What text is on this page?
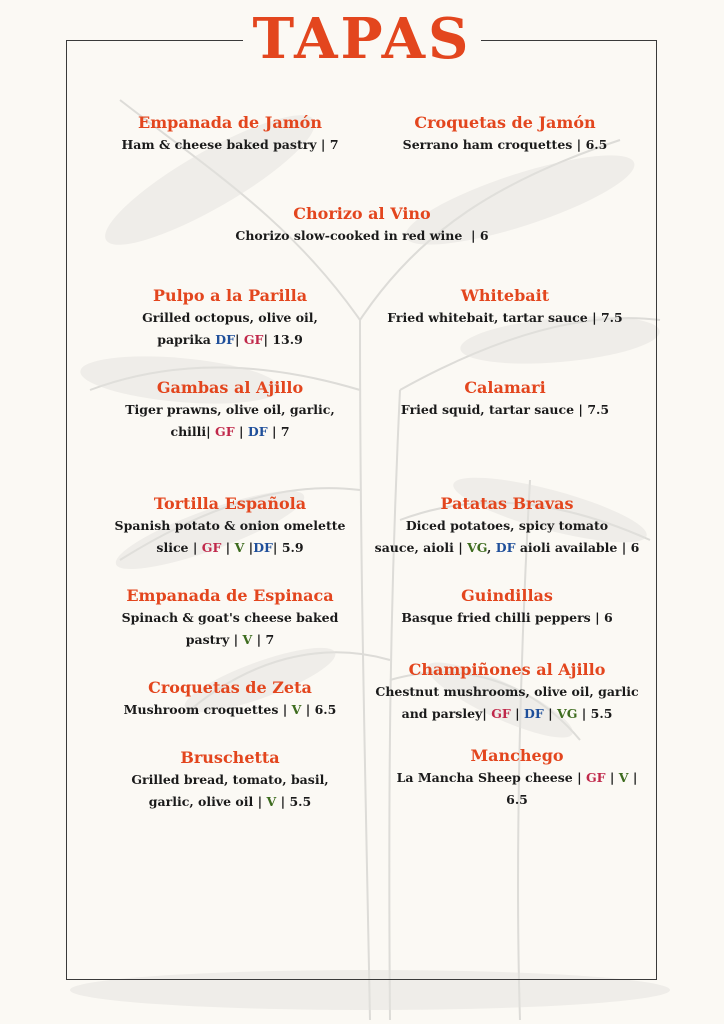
TAPAS
Empanada de Jamón
Ham & cheese baked pastry | 7
Croquetas de Jamón
Serrano ham croquettes | 6.5
Chorizo al Vino
Chorizo slow-cooked in red wine  | 6
Pulpo a la Parilla
Grilled octopus, olive oil,
paprika DF| GF| 13.9
Whitebait
Fried whitebait, tartar sauce | 7.5
Gambas al Ajillo
Tiger prawns, olive oil, garlic,
chilli| GF | DF | 7
Calamari
Fried squid, tartar sauce | 7.5
Tortilla Española
Spanish potato & onion omelette
slice | GF | V |DF| 5.9
Patatas Bravas
Diced potatoes, spicy tomato
sauce, aioli | VG, DF aioli available | 6
Empanada de Espinaca
Spinach & goat's cheese baked
pastry | V | 7
Guindillas
Basque fried chilli peppers | 6
Croquetas de Zeta
Mushroom croquettes | V | 6.5
Champiñones al Ajillo
Chestnut mushrooms, olive oil, garlic
and parsley| GF | DF | VG | 5.5
Bruschetta
Grilled bread, tomato, basil,
garlic, olive oil | V | 5.5
Manchego
La Mancha Sheep cheese | GF | V |
6.5
